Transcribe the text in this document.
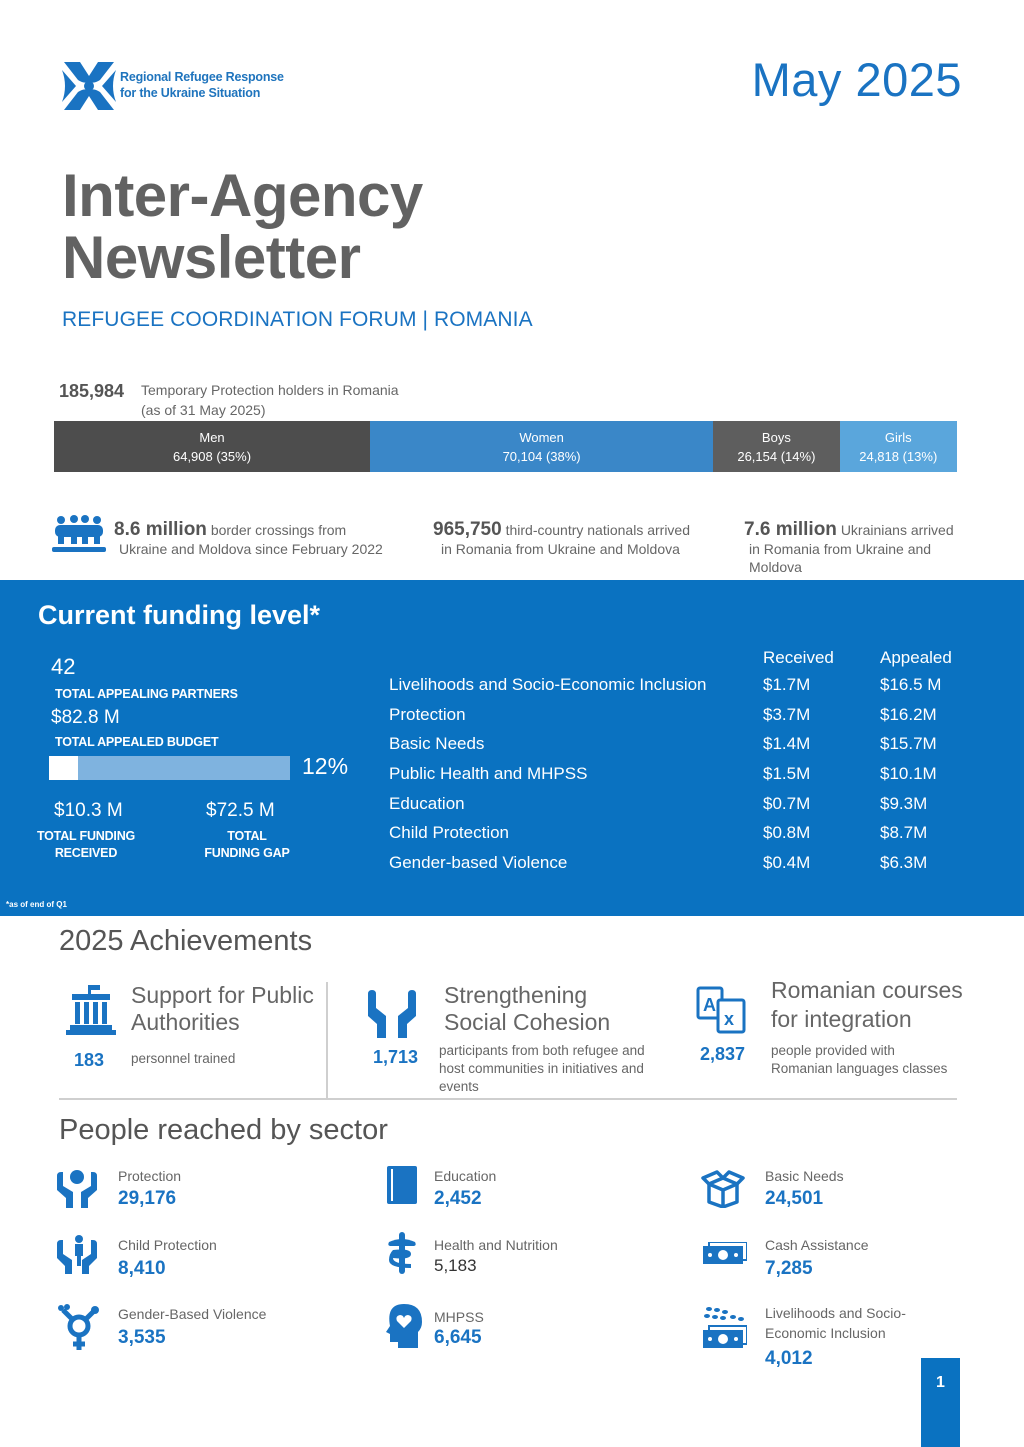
Regional Refugee Response
for the Ukraine Situation	May 2025
Inter-Agency
Newsletter
REFUGEE COORDINATION FORUM | ROMANIA
185,984 Temporary Protection holders in Romania
(as of 31 May 2025)
Men
64,908 (35%)
Women
70,104 (38%)
Boys
26,154 (14%)
Girls
24,818 (13%)
8.6 million border crossings from
Ukraine and Moldova since February 2022
965,750 third-country nationals arrived
in Romania from Ukraine and Moldova
7.6 million Ukrainians arrived
in Romania from Ukraine and
Moldova
Current funding level*
42
TOTAL APPEALING PARTNERS
$82.8 M
TOTAL APPEALED BUDGET
12%
$10.3 M
TOTAL FUNDING
RECEIVED
$72.5 M
TOTAL
FUNDING GAP
*as of end of Q1
Received	Appealed
Livelihoods and Socio-Economic Inclusion	$1.7M	$16.5 M
Protection	$3.7M	$16.2M
Basic Needs	$1.4M	$15.7M
Public Health and MHPSS	$1.5M	$10.1M
Education	$0.7M	$9.3M
Child Protection	$0.8M	$8.7M
Gender-based Violence	$0.4M	$6.3M
2025 Achievements
Support for Public
Authorities
183 personnel trained
Strengthening
Social Cohesion
1,713 participants from both refugee and
host communities in initiatives and
events
A
x
Romanian courses
for integration
2,837 people provided with
Romanian languages classes
People reached by sector
Protection
29,176
Child Protection
8,410
Gender-Based Violence
3,535
Education
2,452
Health and Nutrition
5,183
MHPSS
6,645
Basic Needs
24,501
Cash Assistance
7,285
Livelihoods and Socio-
Economic Inclusion
4,012
1
